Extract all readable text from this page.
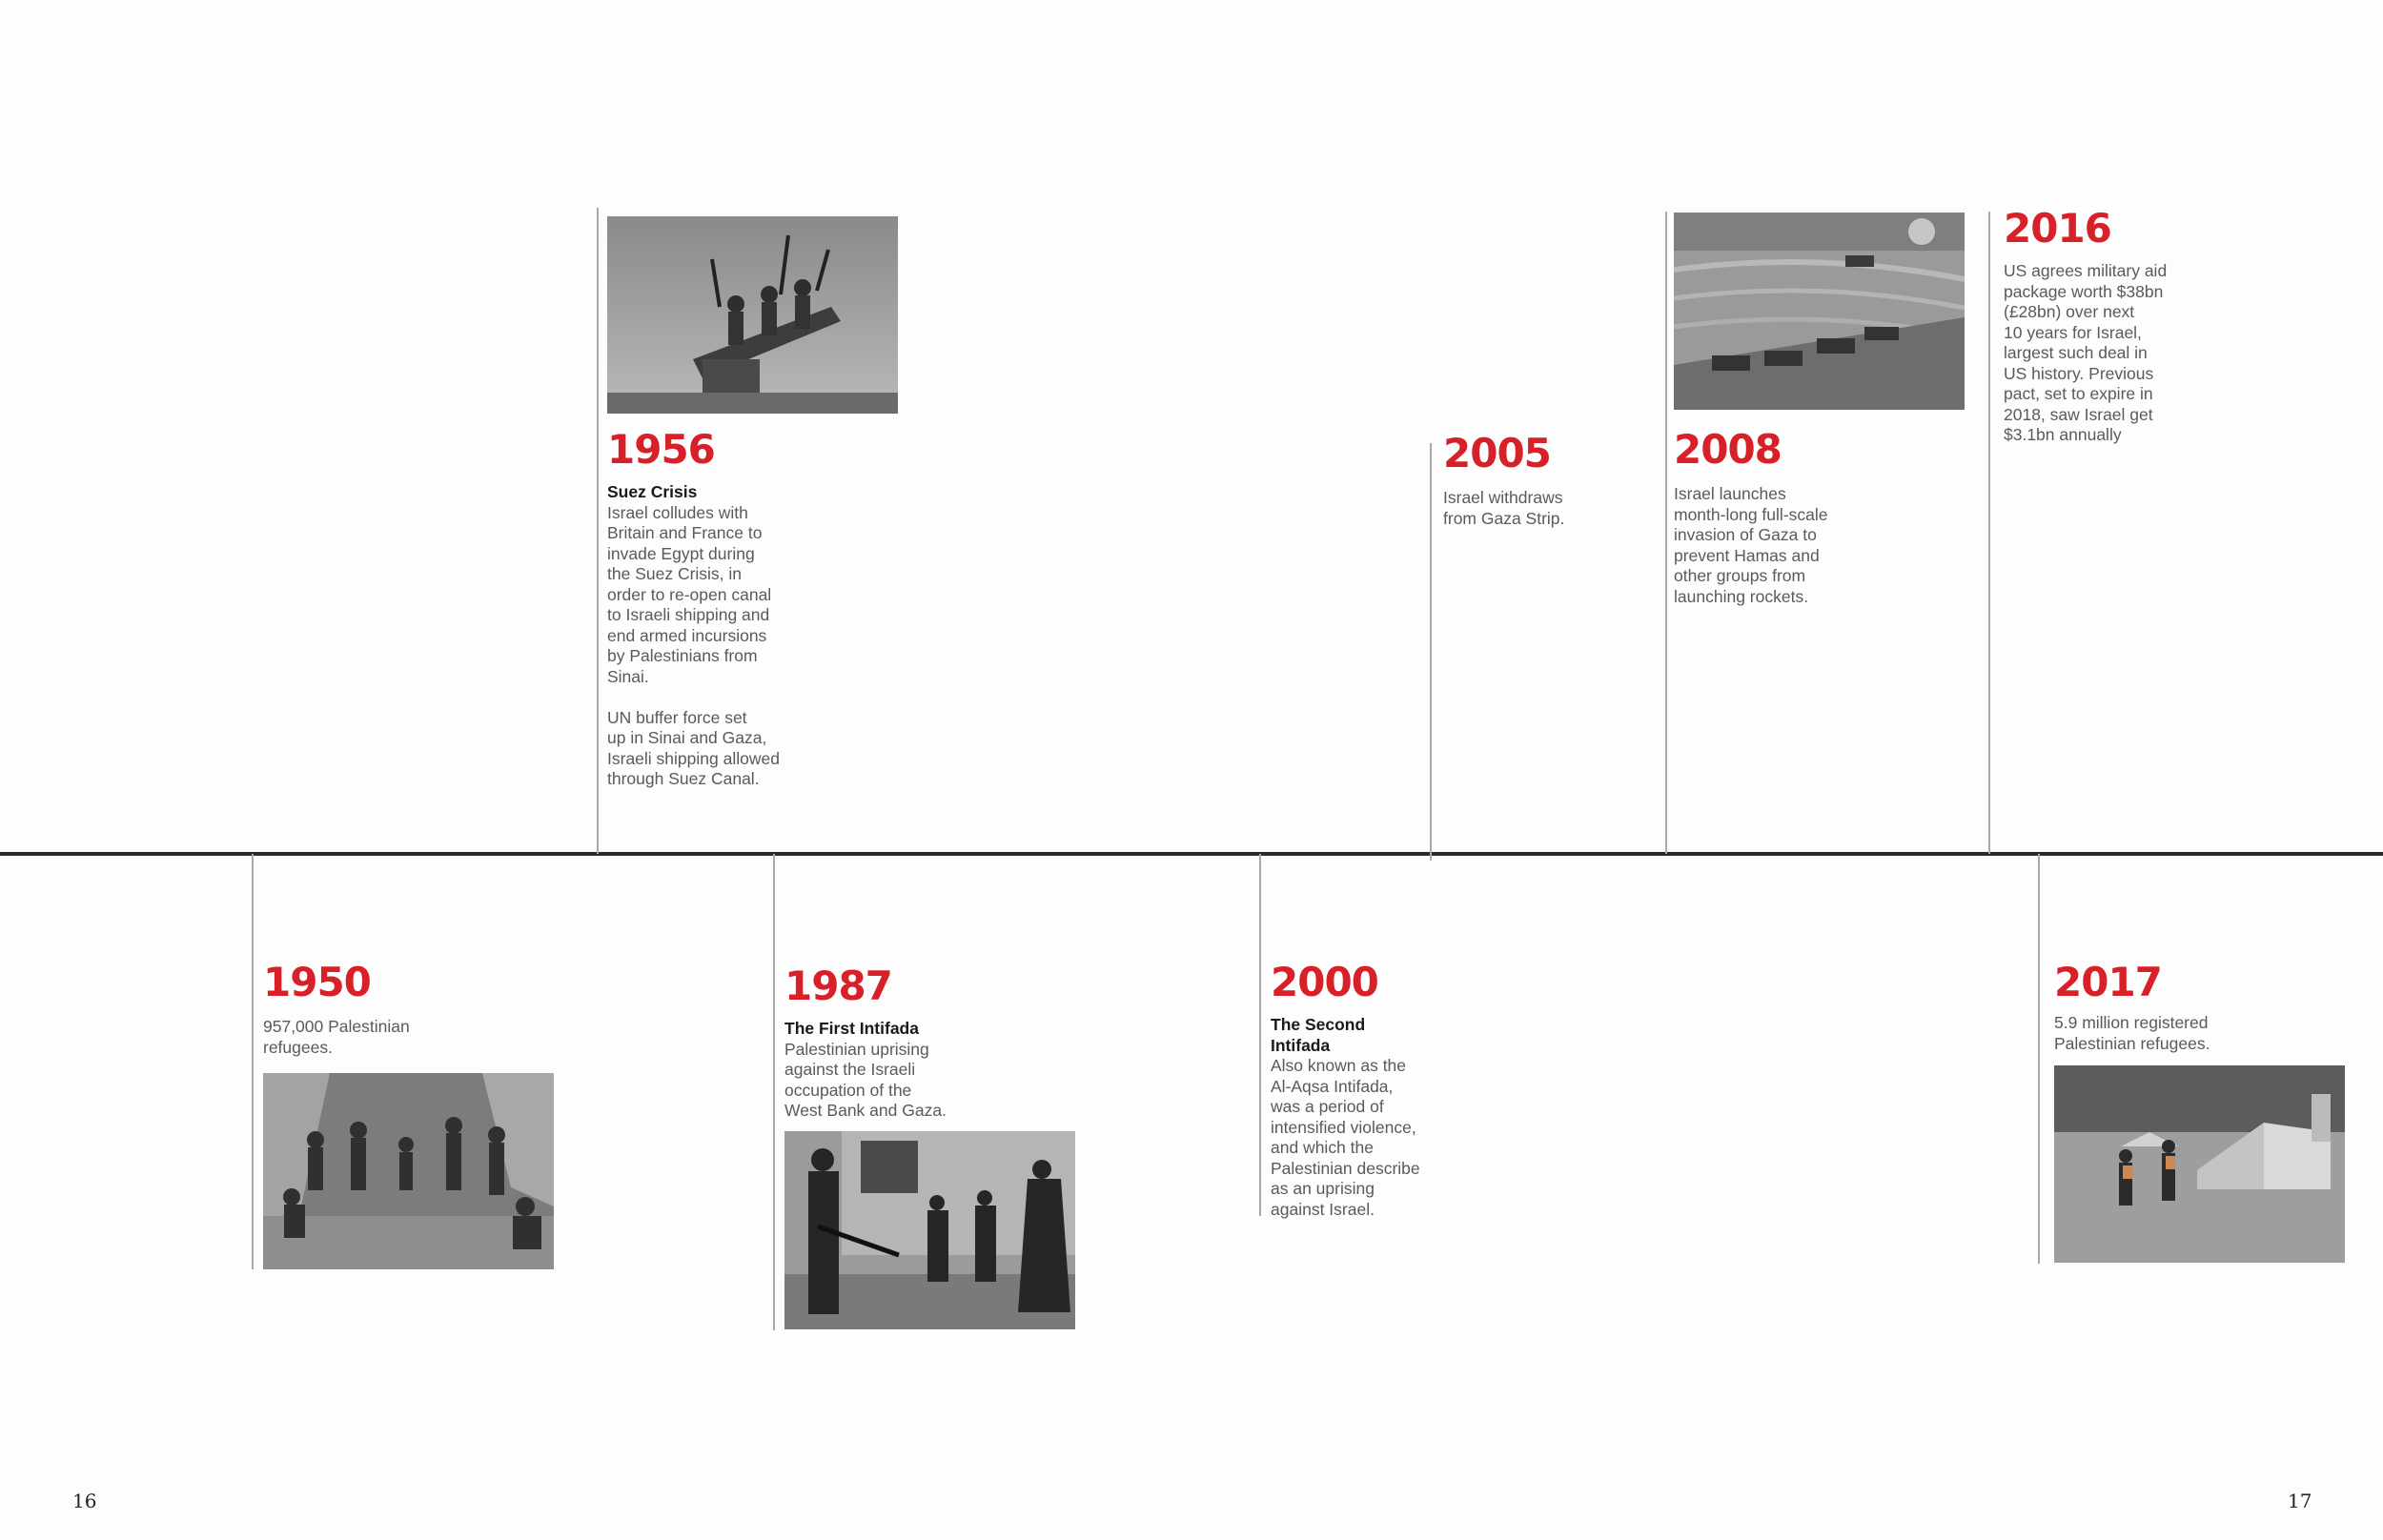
1956
Suez Crisis
Israel colludes with
Britain and France to
invade Egypt during
the Suez Crisis, in
order to re-open canal
to Israeli shipping and
end armed incursions
by Palestinians from
Sinai.

UN buffer force set
up in Sinai and Gaza,
Israeli shipping allowed
through Suez Canal.
2005
Israel withdraws
from Gaza Strip.
2008
Israel launches
month-long full-scale
invasion of Gaza to
prevent Hamas and
other groups from
launching rockets.
2016
US agrees military aid
package worth $38bn
(£28bn) over next
10 years for Israel,
largest such deal in
US history. Previous
pact, set to expire in
2018, saw Israel get
$3.1bn annually
1950
957,000 Palestinian
refugees.
1987
The First Intifada
Palestinian uprising
against the Israeli
occupation of the
West Bank and Gaza.
2000
The Second
Intifada
Also known as the
Al-Aqsa Intifada,
was a period of
intensified violence,
and which the
Palestinian describe
as an uprising
against Israel.
2017
5.9 million registered
Palestinian refugees.
16	17
